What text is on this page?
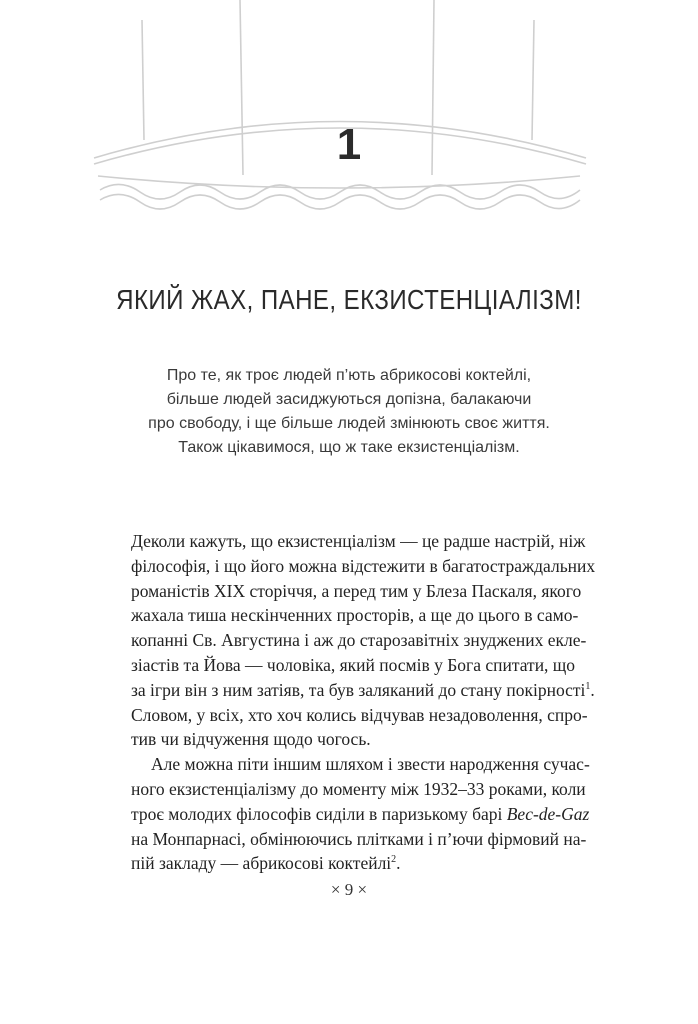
1
ЯКИЙ ЖАХ, ПАНЕ, ЕКЗИСТЕНЦІАЛІЗМ!
Про те, як троє людей п’ють абрикосові коктейлі,
більше людей засиджуються допізна, балакаючи
про свободу, і ще більше людей змінюють своє життя.
Також цікавимося, що ж таке екзистенціалізм.
Деколи кажуть, що екзистенціалізм — це радше настрій, ніж
філософія, і що його можна відстежити в багатостраждальних
романістів XIX сторіччя, а перед тим у Блеза Паскаля, якого
жахала тиша нескінченних просторів, а ще до цього в само-
копанні Св. Августина і аж до старозавітніх знуджених еклe-
зіастів та Йова — чоловіка, який посмів у Бога спитати, що
за ігри він з ним затіяв, та був заляканий до стану покірності$^1$.
Словом, у всіх, хто хоч колись відчував незадоволення, спро-
тив чи відчуження щодо чогось.
Але можна піти іншим шляхом і звести народження сучас-
ного екзистенціалізму до моменту між 1932–33 роками, коли
троє молодих філософів сиділи в паризькому барі Bec-de-Gaz
на Монпарнасі, обмінюючись плітками і п’ючи фірмовий на-
пій закладу — абрикосові коктейлі$^2$.
× 9 ×
